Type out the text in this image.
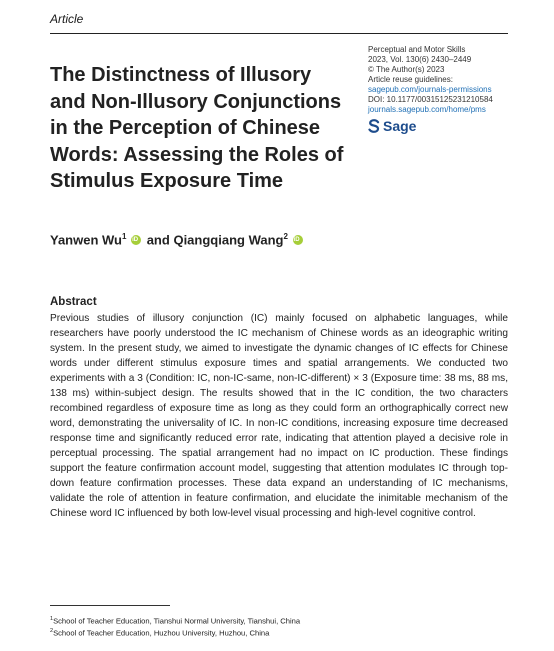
Article
The Distinctness of Illusory and Non-Illusory Conjunctions in the Perception of Chinese Words: Assessing the Roles of Stimulus Exposure Time
Perceptual and Motor Skills
2023, Vol. 130(6) 2430–2449
© The Author(s) 2023
Article reuse guidelines:
sagepub.com/journals-permissions
DOI: 10.1177/00315125231210584
journals.sagepub.com/home/pms
Sage
Yanwen Wu$^1$ iD and Qiangqiang Wang$^2$ iD
Abstract
Previous studies of illusory conjunction (IC) mainly focused on alphabetic languages, while researchers have poorly understood the IC mechanism of Chinese words as an ideographic writing system. In the present study, we aimed to investigate the dynamic changes of IC effects for Chinese words under different stimulus exposure times and spatial arrangements. We conducted two experiments with a 3 (Condition: IC, non-IC-same, non-IC-different) × 3 (Exposure time: 38 ms, 88 ms, 138 ms) within-subject design. The results showed that in the IC condition, the two characters recombined regardless of exposure time as long as they could form an orthographically correct new word, demonstrating the universality of IC. In non-IC conditions, increasing exposure time decreased response time and significantly reduced error rate, indicating that attention played a decisive role in perceptual processing. The spatial arrangement had no impact on IC production. These findings support the feature confirmation account model, suggesting that attention modulates IC through top-down feature confirmation processes. These data expand an understanding of IC mechanisms, validate the role of attention in feature confirmation, and elucidate the inimitable mechanism of the Chinese word IC influenced by both low-level visual processing and high-level cognitive control.
$^1$School of Teacher Education, Tianshui Normal University, Tianshui, China
$^2$School of Teacher Education, Huzhou University, Huzhou, China
